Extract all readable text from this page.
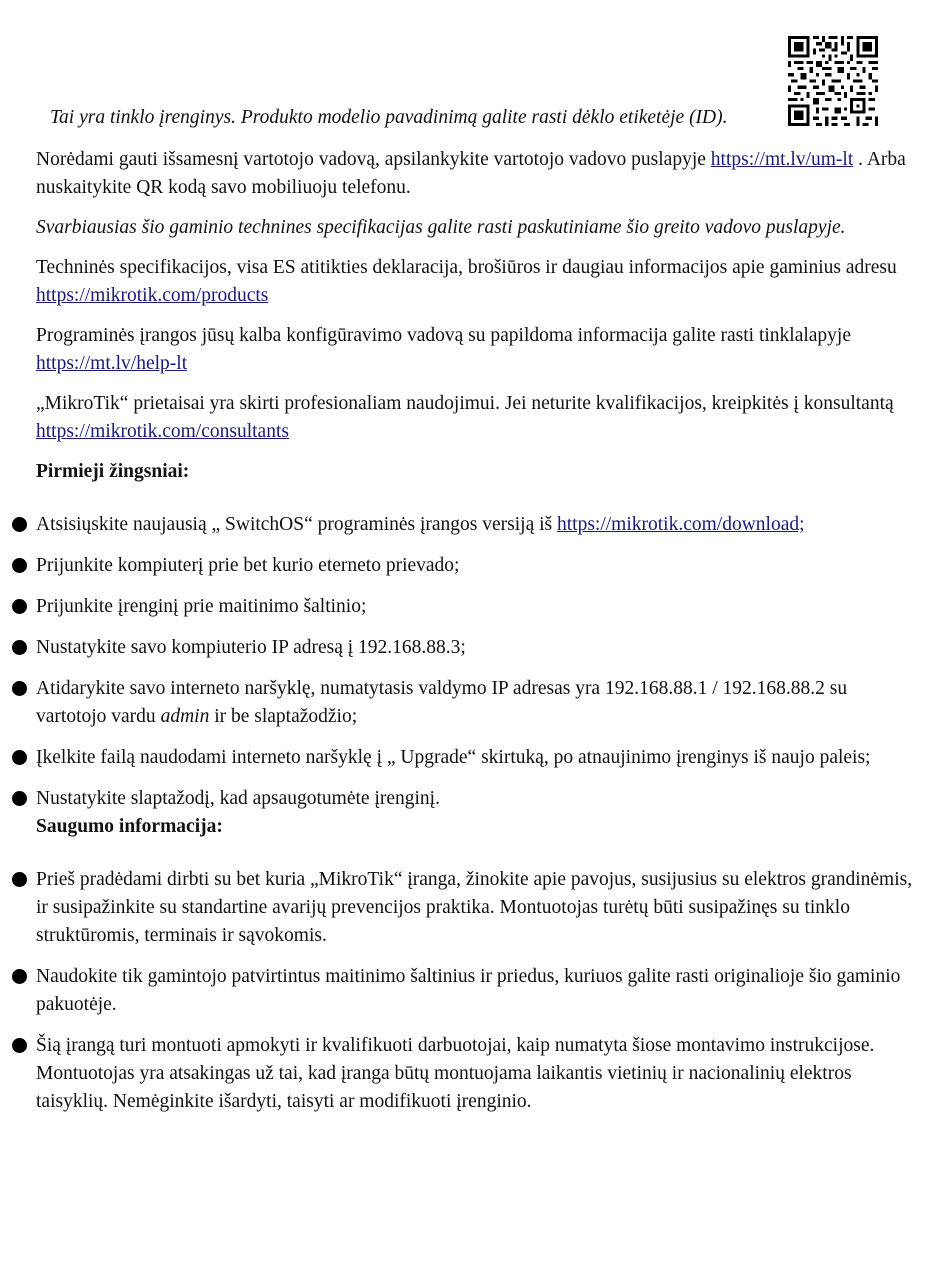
Tai yra tinklo įrenginys. Produkto modelio pavadinimą galite rasti dėklo etiketėje (ID).

Norėdami gauti išsamesnį vartotojo vadovą, apsilankykite vartotojo vadovo puslapyje https://mt.lv/um-lt . Arba nuskaitykite QR kodą savo mobiliuoju telefonu.

Svarbiausias šio gaminio technines specifikacijas galite rasti paskutiniame šio greito vadovo puslapyje.

Techninės specifikacijos, visa ES atitikties deklaracija, brošiūros ir daugiau informacijos apie gaminius adresu https://mikrotik.com/products

Programinės įrangos jūsų kalba konfigūravimo vadovą su papildoma informacija galite rasti tinklalapyje https://mt.lv/help-lt

„MikroTik“ prietaisai yra skirti profesionaliam naudojimui. Jei neturite kvalifikacijos, kreipkitės į konsultantą https://mikrotik.com/consultants

Pirmieji žingsniai:
Atsisiųskite naujausią „ SwitchOS“ programinės įrangos versiją iš https://mikrotik.com/download;
Prijunkite kompiuterį prie bet kurio eterneto prievado;
Prijunkite įrenginį prie maitinimo šaltinio;
Nustatykite savo kompiuterio IP adresą į 192.168.88.3;
Atidarykite savo interneto naršyklę, numatytasis valdymo IP adresas yra 192.168.88.1 / 192.168.88.2 su vartotojo vardu admin ir be slaptažodžio;
Įkelkite failą naudodami interneto naršyklę į „ Upgrade“ skirtuką, po atnaujinimo įrenginys iš naujo paleis;
Nustatykite slaptažodį, kad apsaugotumėte įrenginį.
Saugumo informacija:
Prieš pradėdami dirbti su bet kuria „MikroTik“ įranga, žinokite apie pavojus, susijusius su elektros grandinėmis, ir susipažinkite su standartine avarijų prevencijos praktika. Montuotojas turėtų būti susipažinęs su tinklo struktūromis, terminais ir sąvokomis.
Naudokite tik gamintojo patvirtintus maitinimo šaltinius ir priedus, kuriuos galite rasti originalioje šio gaminio pakuotėje.
Šią įrangą turi montuoti apmokyti ir kvalifikuoti darbuotojai, kaip numatyta šiose montavimo instrukcijose. Montuotojas yra atsakingas už tai, kad įranga būtų montuojama laikantis vietinių ir nacionalinių elektros taisyklių. Nemėginkite išardyti, taisyti ar modifikuoti įrenginio.
